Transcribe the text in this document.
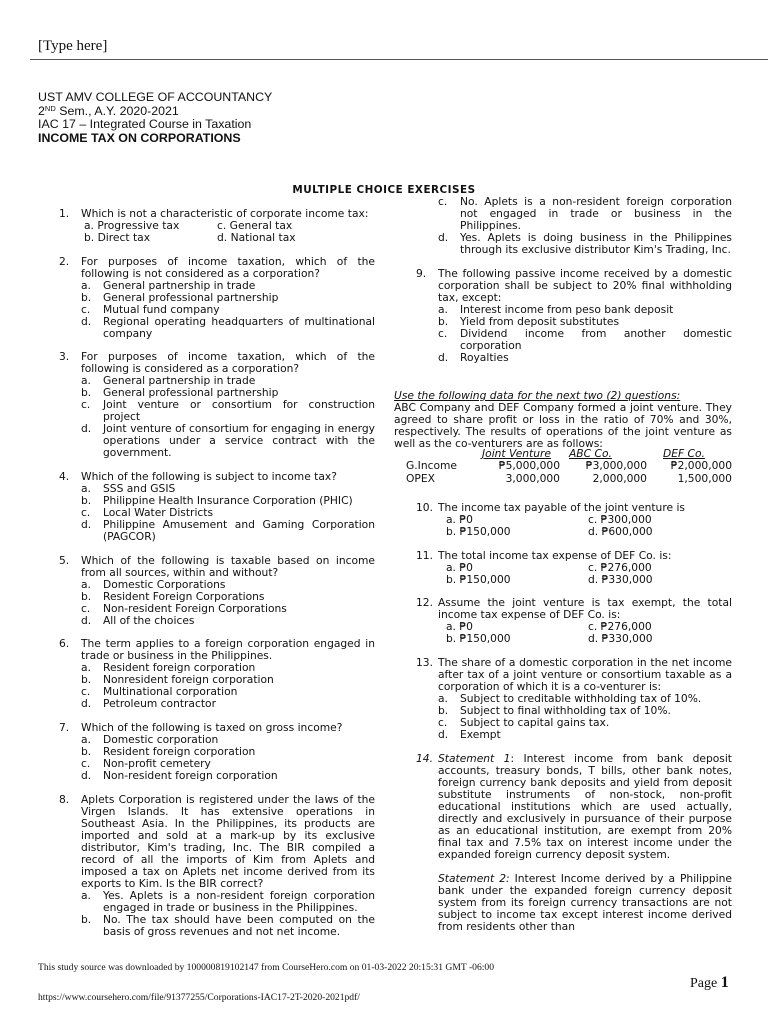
[Type here]
UST AMV COLLEGE OF ACCOUNTANCY
2ND Sem., A.Y. 2020-2021
IAC 17 – Integrated Course in Taxation
INCOME TAX ON CORPORATIONS
MULTIPLE CHOICE EXERCISES
1. Which is not a characteristic of corporate income tax:

a. Progressive tax	c. General tax
b. Direct tax	d. National tax
2. For purposes of income taxation, which of the following is not considered as a corporation?

a. General partnership in trade
b. General professional partnership
c. Mutual fund company
d. Regional operating headquarters of multinational company
3. For purposes of income taxation, which of the following is considered as a corporation?

a. General partnership in trade
b. General professional partnership
c. Joint venture or consortium for construction project
d. Joint venture of consortium for engaging in energy operations under a service contract with the government.
4. Which of the following is subject to income tax?

a. SSS and GSIS
b. Philippine Health Insurance Corporation (PHIC)
c. Local Water Districts
d. Philippine Amusement and Gaming Corporation (PAGCOR)
5. Which of the following is taxable based on income from all sources, within and without?

a. Domestic Corporations
b. Resident Foreign Corporations
c. Non-resident Foreign Corporations
d. All of the choices
6. The term applies to a foreign corporation engaged in trade or business in the Philippines.

a. Resident foreign corporation
b. Nonresident foreign corporation
c. Multinational corporation
d. Petroleum contractor
7. Which of the following is taxed on gross income?

a. Domestic corporation
b. Resident foreign corporation
c. Non-profit cemetery
d. Non-resident foreign corporation
8. Aplets Corporation is registered under the laws of the Virgen Islands. It has extensive operations in Southeast Asia. In the Philippines, its products are imported and sold at a mark-up by its exclusive distributor, Kim's trading, Inc. The BIR compiled a record of all the imports of Kim from Aplets and imposed a tax on Aplets net income derived from its exports to Kim. Is the BIR correct?

a. Yes. Aplets is a non-resident foreign corporation engaged in trade or business in the Philippines.
b. No. The tax should have been computed on the basis of gross revenues and not net income.
c. No. Aplets is a non-resident foreign corporation not engaged in trade or business in the Philippines.
d. Yes. Aplets is doing business in the Philippines through its exclusive distributor Kim's Trading, Inc.
9. The following passive income received by a domestic corporation shall be subject to 20% final withholding tax, except:

a. Interest income from peso bank deposit
b. Yield from deposit substitutes
c. Dividend income from another domestic corporation
d. Royalties

Use the following data for the next two (2) questions:

ABC Company and DEF Company formed a joint venture. They agreed to share profit or loss in the ratio of 70% and 30%, respectively. The results of operations of the joint venture as well as the co-venturers are as follows:

Joint Venture ABC Co.	DEF Co.
G.Income	₱5,000,000 ₱3,000,000 ₱2,000,000
OPEX	3,000,000	2,000,000	1,500,000
10. The income tax payable of the joint venture is

a. ₱0	c. ₱300,000
b. ₱150,000	d. ₱600,000
11. The total income tax expense of DEF Co. is:

a. ₱0	c. ₱276,000
b. ₱150,000	d. ₱330,000
12. Assume the joint venture is tax exempt, the total income tax expense of DEF Co. is:

a. ₱0	c. ₱276,000
b. ₱150,000	d. ₱330,000
13. The share of a domestic corporation in the net income after tax of a joint venture or consortium taxable as a corporation of which it is a co-venturer is:

a. Subject to creditable withholding tax of 10%.
b. Subject to final withholding tax of 10%.
c. Subject to capital gains tax.
d. Exempt
14. Statement 1: Interest income from bank deposit accounts, treasury bonds, T bills, other bank notes, foreign currency bank deposits and yield from deposit substitute instruments of non-stock, non-profit educational institutions which are used actually, directly and exclusively in pursuance of their purpose as an educational institution, are exempt from 20% final tax and 7.5% tax on interest income under the expanded foreign currency deposit system.

Statement 2: Interest Income derived by a Philippine bank under the expanded foreign currency deposit system from its foreign currency transactions are not subject to income tax except interest income derived from residents other than

This study source was downloaded by 100000819102147 from CourseHero.com on 01-03-2022 20:15:31 GMT -06:00
Page 1
https://www.coursehero.com/file/91377255/Corporations-IAC17-2T-2020-2021pdf/
